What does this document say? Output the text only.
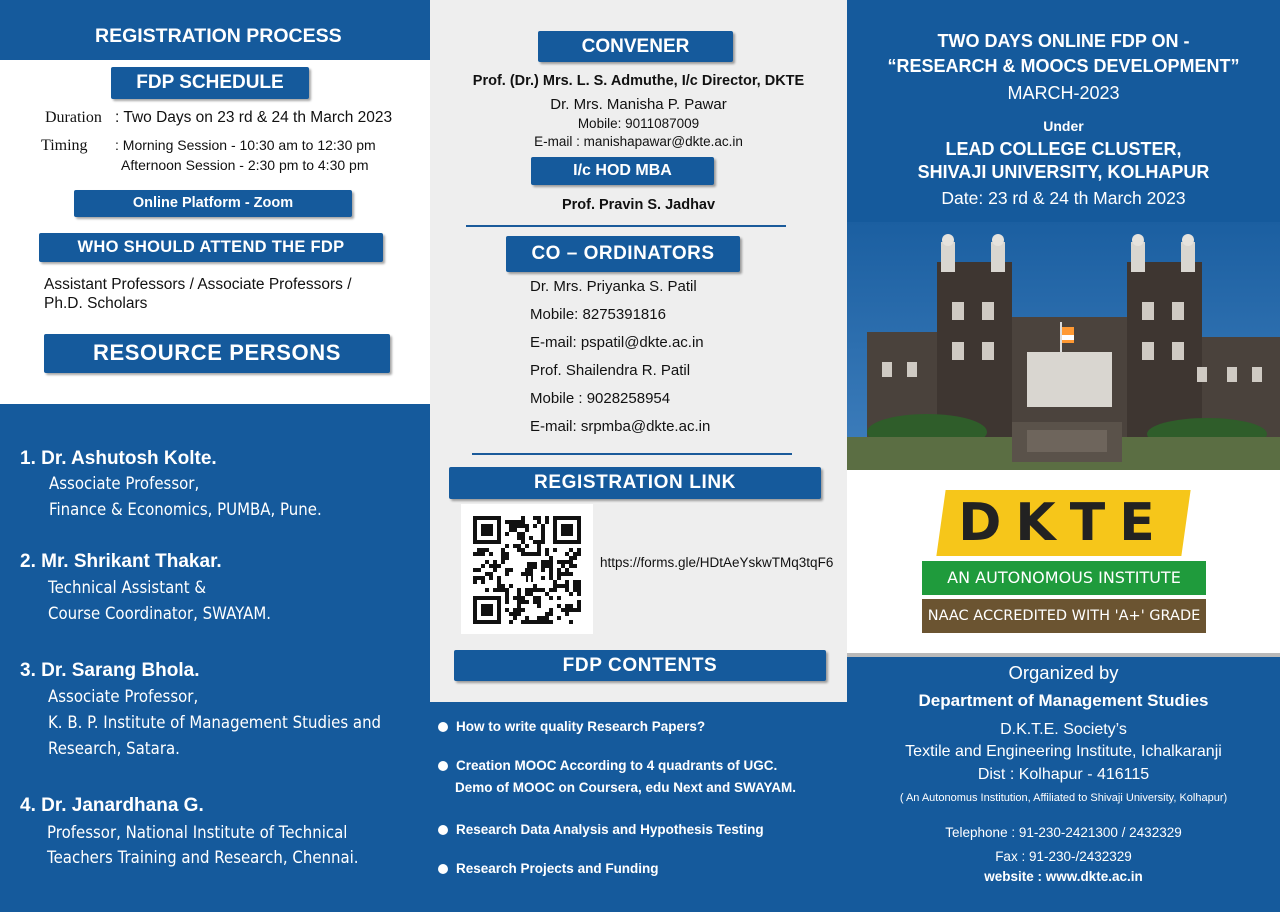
REGISTRATION PROCESS
FDP SCHEDULE
Duration : Two Days on 23 rd & 24 th March 2023
Timing : Morning Session - 10:30 am to 12:30 pm
Afternoon Session - 2:30 pm to 4:30 pm
Online Platform - Zoom
WHO SHOULD ATTEND THE FDP
Assistant Professors / Associate Professors /
Ph.D. Scholars
RESOURCE PERSONS
1. Dr. Ashutosh Kolte.
Associate Professor,
Finance & Economics, PUMBA, Pune.
2. Mr. Shrikant Thakar.
Technical Assistant &
Course Coordinator, SWAYAM.
3. Dr. Sarang Bhola.
Associate Professor,
K. B. P. Institute of Management Studies and
Research, Satara.
4. Dr. Janardhana G.
Professor, National Institute of Technical
Teachers Training and Research, Chennai.
CONVENER
Prof. (Dr.) Mrs. L. S. Admuthe, I/c Director, DKTE
Dr. Mrs. Manisha P. Pawar
Mobile: 9011087009
E-mail : manishapawar@dkte.ac.in
I/c HOD MBA
Prof. Pravin S. Jadhav
CO – ORDINATORS
Dr. Mrs. Priyanka S. Patil
Mobile: 8275391816
E-mail: pspatil@dkte.ac.in
Prof. Shailendra R. Patil
Mobile : 9028258954
E-mail: srpmba@dkte.ac.in
REGISTRATION LINK
https://forms.gle/HDtAeYskwTMq3tqF6
FDP CONTENTS
How to write quality Research Papers?
Creation MOOC According to 4 quadrants of UGC.
Demo of MOOC on Coursera, edu Next and SWAYAM.
Research Data Analysis and Hypothesis Testing
Research Projects and Funding
TWO DAYS ONLINE FDP ON -
“RESEARCH & MOOCS DEVELOPMENT”
MARCH-2023
Under
LEAD COLLEGE CLUSTER,
SHIVAJI UNIVERSITY, KOLHAPUR
Date: 23 rd & 24 th March 2023
DKTE
AN AUTONOMOUS INSTITUTE
NAAC ACCREDITED WITH 'A+' GRADE
Organized by
Department of Management Studies
D.K.T.E. Society’s
Textile and Engineering Institute, Ichalkaranji
Dist : Kolhapur - 416115
( An Autonomus Institution, Affiliated to Shivaji University, Kolhapur)
Telephone : 91-230-2421300 / 2432329
Fax : 91-230-/2432329
website : www.dkte.ac.in
